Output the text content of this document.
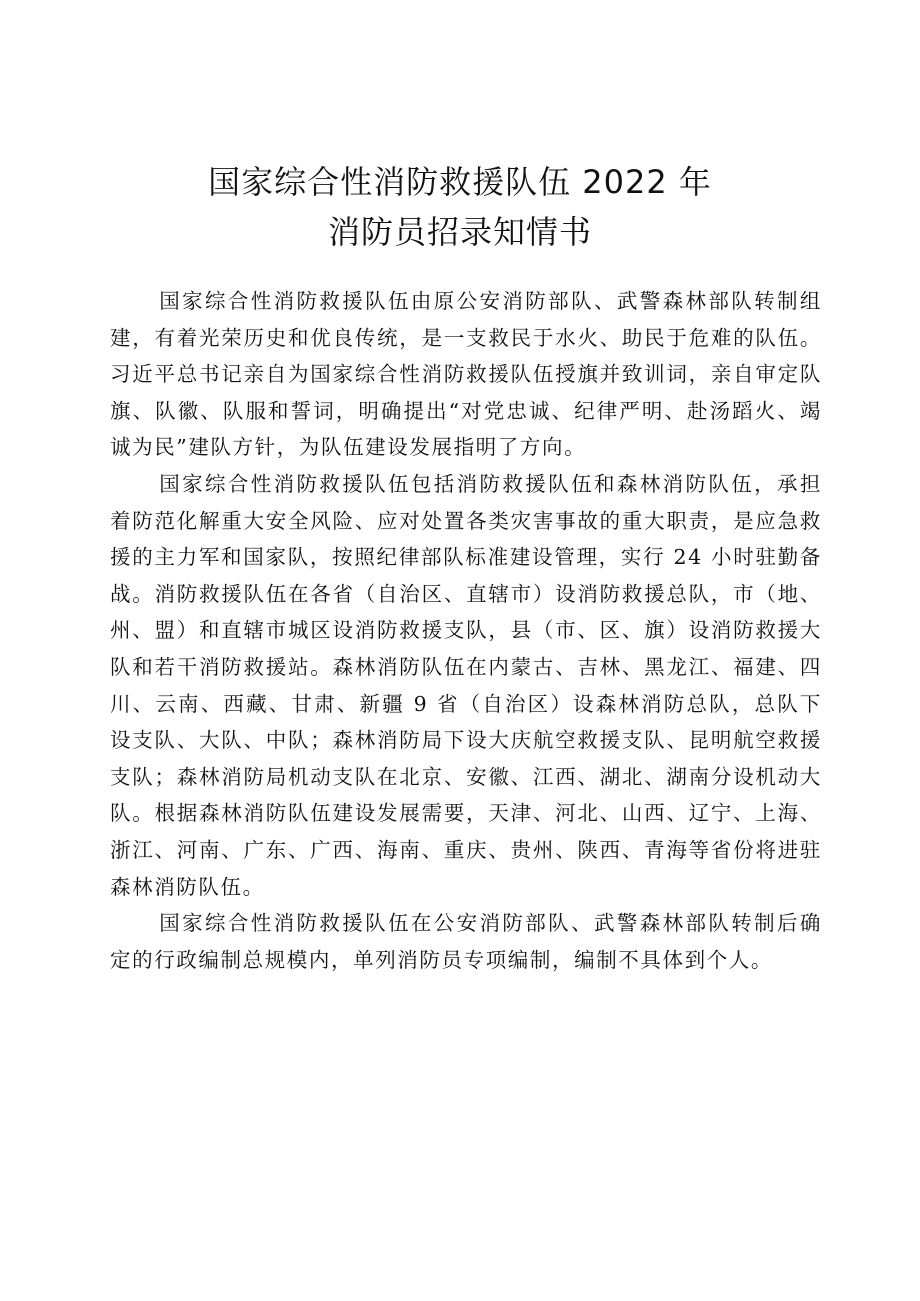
国家综合性消防救援队伍 2022 年
消防员招录知情书

国家综合性消防救援队伍由原公安消防部队、武警森林部队转制组建，有着光荣历史和优良传统，是一支救民于水火、助民于危难的队伍。习近平总书记亲自为国家综合性消防救援队伍授旗并致训词，亲自审定队旗、队徽、队服和誓词，明确提出“对党忠诚、纪律严明、赴汤蹈火、竭诚为民”建队方针，为队伍建设发展指明了方向。

国家综合性消防救援队伍包括消防救援队伍和森林消防队伍，承担着防范化解重大安全风险、应对处置各类灾害事故的重大职责，是应急救援的主力军和国家队，按照纪律部队标准建设管理，实行 24 小时驻勤备战。消防救援队伍在各省（自治区、直辖市）设消防救援总队，市（地、州、盟）和直辖市城区设消防救援支队，县（市、区、旗）设消防救援大队和若干消防救援站。森林消防队伍在内蒙古、吉林、黑龙江、福建、四川、云南、西藏、甘肃、新疆 9 省（自治区）设森林消防总队，总队下设支队、大队、中队；森林消防局下设大庆航空救援支队、昆明航空救援支队；森林消防局机动支队在北京、安徽、江西、湖北、湖南分设机动大队。根据森林消防队伍建设发展需要，天津、河北、山西、辽宁、上海、浙江、河南、广东、广西、海南、重庆、贵州、陕西、青海等省份将进驻森林消防队伍。

国家综合性消防救援队伍在公安消防部队、武警森林部队转制后确定的行政编制总规模内，单列消防员专项编制，编制不具体到个人。
